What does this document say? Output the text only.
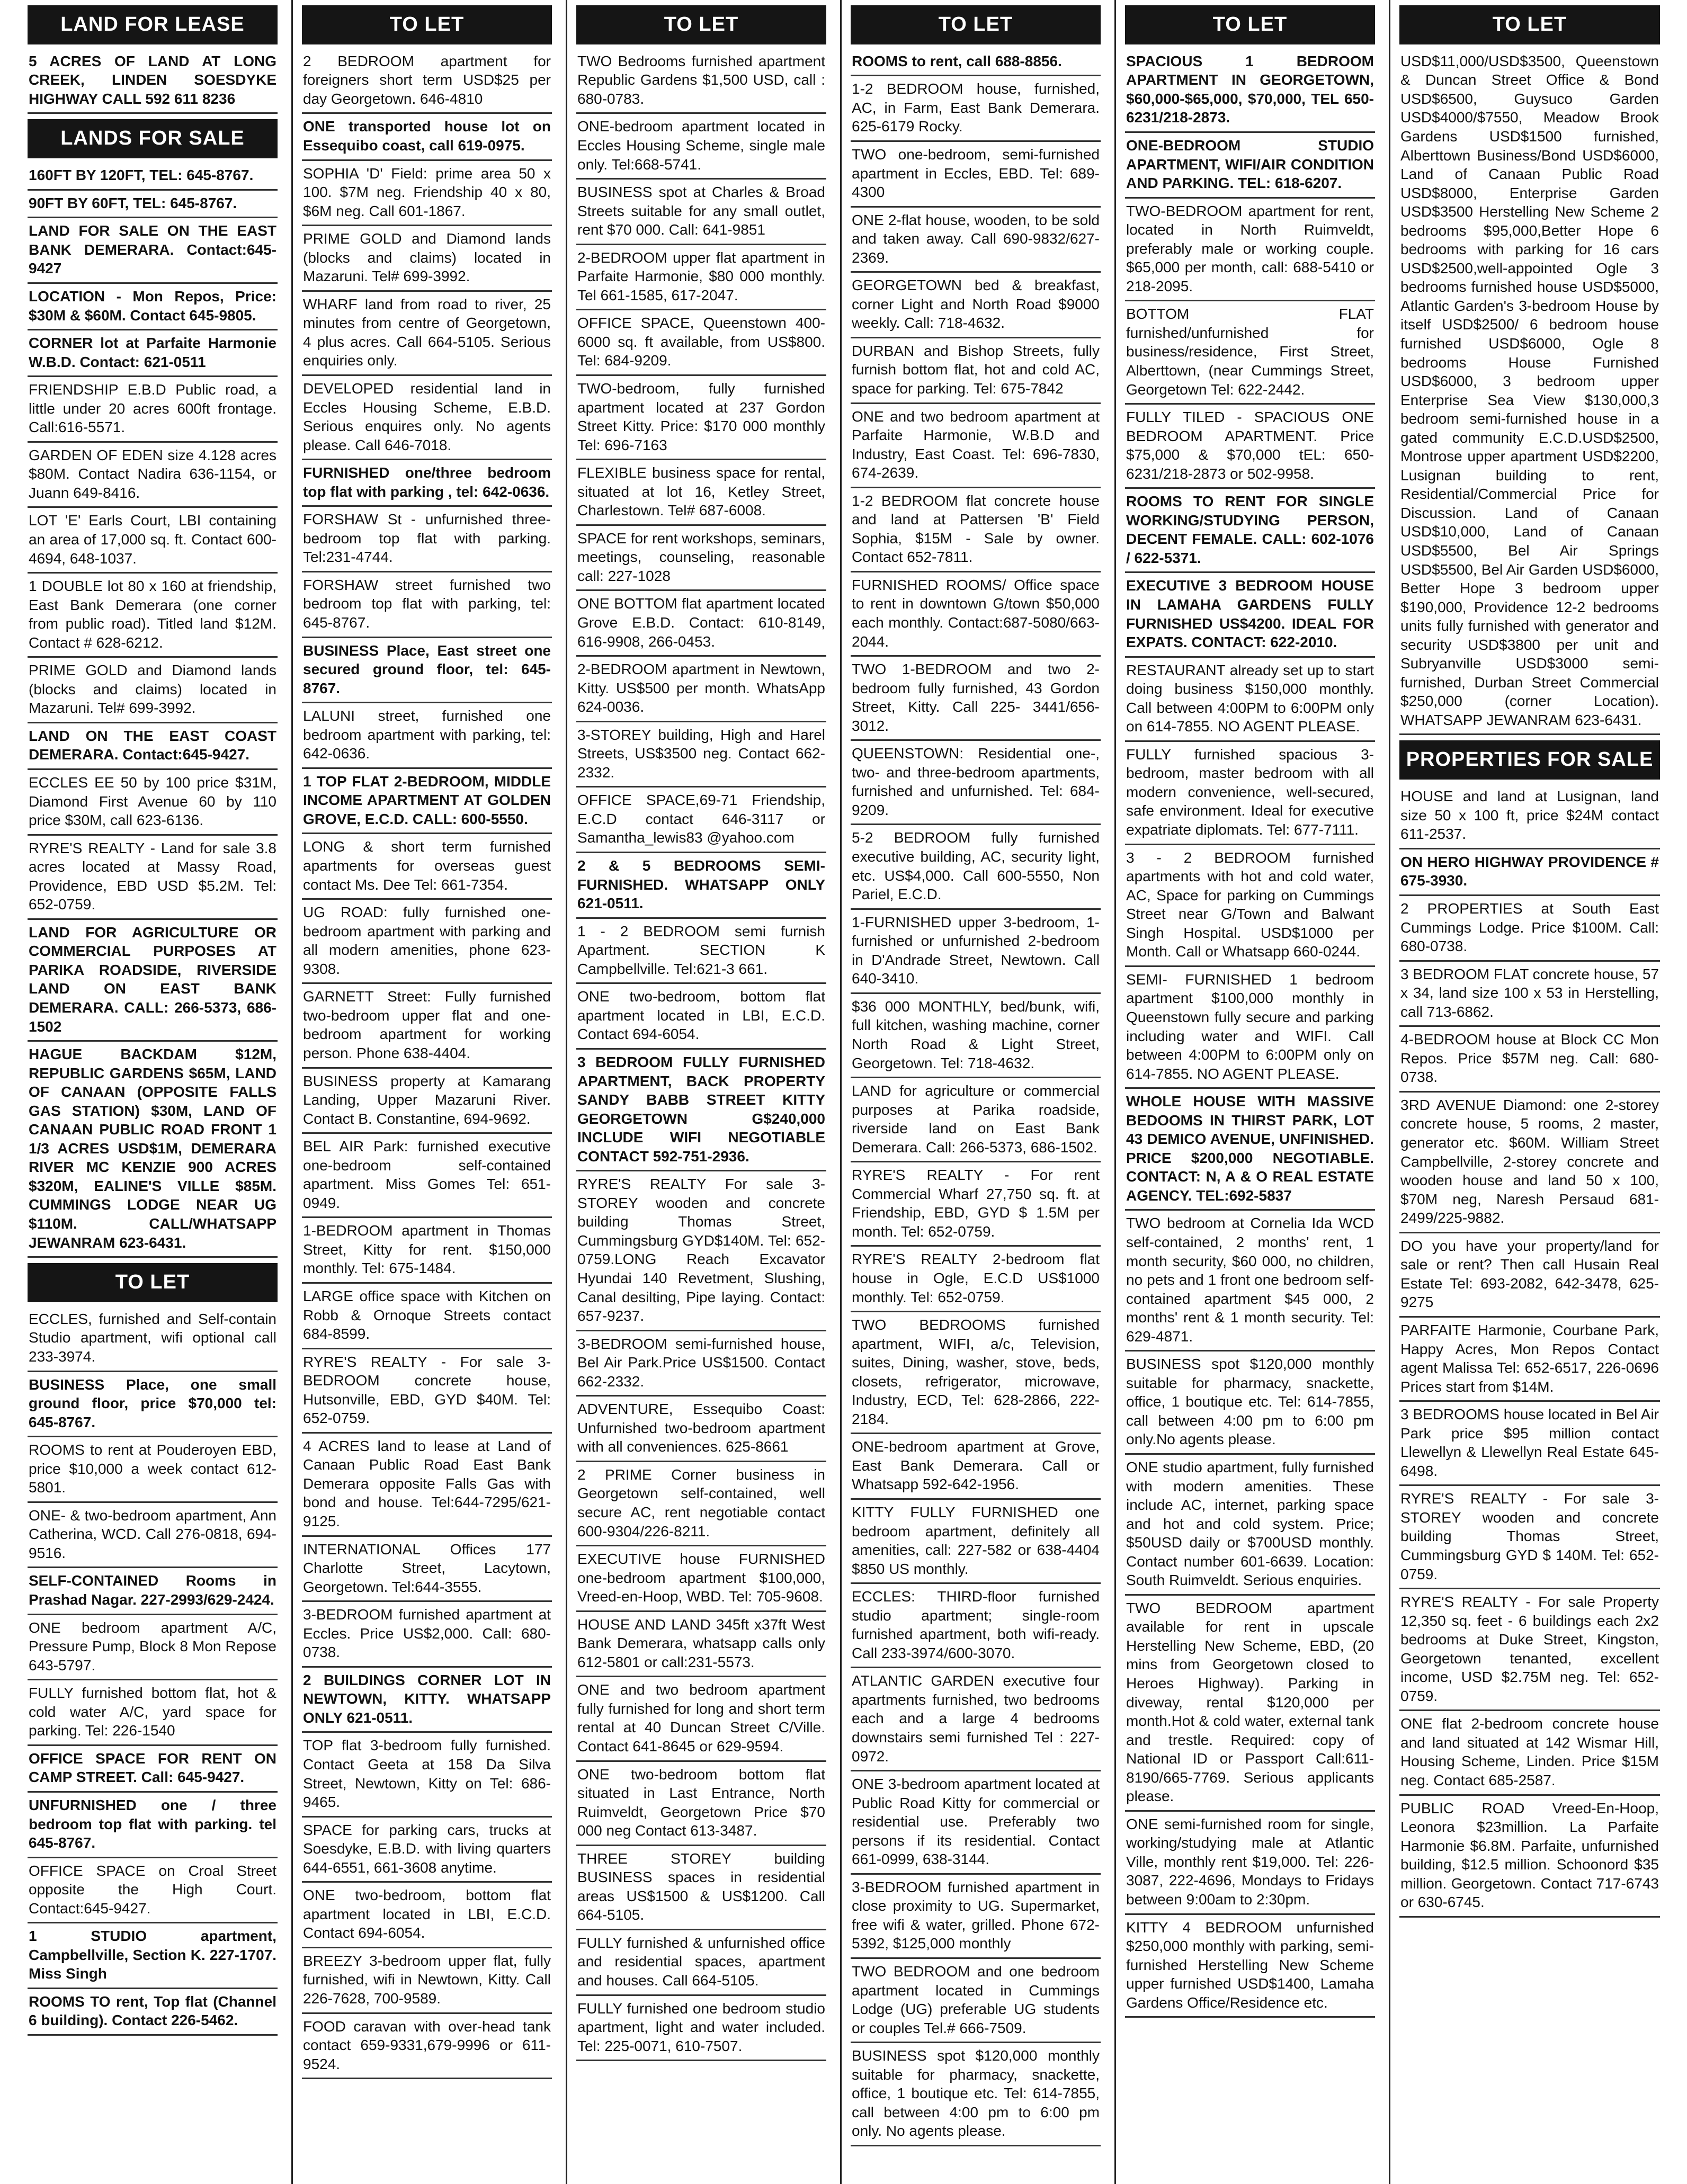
LAND FOR LEASE

5 ACRES OF LAND AT LONG CREEK, LINDEN SOESDYKE HIGHWAY CALL 592 611 8236

LANDS FOR SALE

160FT BY 120FT, TEL: 645-8767.

90FT BY 60FT, TEL: 645-8767.

LAND FOR SALE ON THE EAST BANK DEMERARA. Contact:645-9427

LOCATION - Mon Repos, Price: $30M & $60M. Contact 645-9805.

CORNER lot at Parfaite Harmonie W.B.D. Contact: 621-0511

FRIENDSHIP E.B.D Public road, a little under 20 acres 600ft frontage. Call:616-5571.

GARDEN OF EDEN size 4.128 acres $80M. Contact Nadira 636-1154, or Juann 649-8416.

LOT 'E' Earls Court, LBI containing an area of 17,000 sq. ft. Contact 600-4694, 648-1037.

1 DOUBLE lot 80 x 160 at friendship, East Bank Demerara (one corner from public road). Titled land $12M. Contact # 628-6212.

PRIME GOLD and Diamond lands (blocks and claims) located in Mazaruni. Tel# 699-3992.

LAND ON THE EAST COAST DEMERARA. Contact:645-9427.

ECCLES EE 50 by 100 price $31M, Diamond First Avenue 60 by 110 price $30M, call 623-6136.

RYRE'S REALTY - Land for sale 3.8 acres located at Massy Road, Providence, EBD USD $5.2M. Tel: 652-0759.

LAND FOR AGRICULTURE OR COMMERCIAL PURPOSES AT PARIKA ROADSIDE, RIVERSIDE LAND ON EAST BANK DEMERARA. CALL: 266-5373, 686-1502

HAGUE BACKDAM $12M, REPUBLIC GARDENS $65M, LAND OF CANAAN (OPPOSITE FALLS GAS STATION) $30M, LAND OF CANAAN PUBLIC ROAD FRONT 1 1/3 ACRES USD$1M, DEMERARA RIVER MC KENZIE 900 ACRES $320M, EALINE'S VILLE $85M. CUMMINGS LODGE NEAR UG $110M. CALL/WHATSAPP JEWANRAM 623-6431.

TO LET

ECCLES, furnished and Self-contain Studio apartment, wifi optional call 233-3974.

BUSINESS Place, one small ground floor, price $70,000 tel: 645-8767.

ROOMS to rent at Pouderoyen EBD, price $10,000 a week contact 612-5801.

ONE- & two-bedroom apartment, Ann Catherina, WCD. Call 276-0818, 694-9516.

SELF-CONTAINED Rooms in Prashad Nagar. 227-2993/629-2424.

ONE bedroom apartment A/C, Pressure Pump, Block 8 Mon Repose 643-5797.

FULLY furnished bottom flat, hot & cold water A/C, yard space for parking. Tel: 226-1540

OFFICE SPACE FOR RENT ON CAMP STREET. Call: 645-9427.

UNFURNISHED one / three bedroom top flat with parking. tel 645-8767.

OFFICE SPACE on Croal Street opposite the High Court. Contact:645-9427.

1 STUDIO apartment, Campbellville, Section K. 227-1707. Miss Singh

ROOMS TO rent, Top flat (Channel 6 building). Contact 226-5462.

TO LET

2 BEDROOM apartment for foreigners short term USD$25 per day Georgetown. 646-4810

ONE transported house lot on Essequibo coast, call 619-0975.

SOPHIA 'D' Field: prime area 50 x 100. $7M neg. Friendship 40 x 80, $6M neg. Call 601-1867.

PRIME GOLD and Diamond lands (blocks and claims) located in Mazaruni. Tel# 699-3992.

WHARF land from road to river, 25 minutes from centre of Georgetown, 4 plus acres. Call 664-5105. Serious enquiries only.

DEVELOPED residential land in Eccles Housing Scheme, E.B.D. Serious enquires only. No agents please. Call 646-7018.

FURNISHED one/three bedroom top flat with parking , tel: 642-0636.

FORSHAW St - unfurnished three-bedroom top flat with parking. Tel:231-4744.

FORSHAW street furnished two bedroom top flat with parking, tel: 645-8767.

BUSINESS Place, East street one secured ground floor, tel: 645-8767.

LALUNI street, furnished one bedroom apartment with parking, tel: 642-0636.

1 TOP FLAT 2-BEDROOM, MIDDLE INCOME APARTMENT AT GOLDEN GROVE, E.C.D. CALL: 600-5550.

LONG & short term furnished apartments for overseas guest contact Ms. Dee Tel: 661-7354.

UG ROAD: fully furnished one-bedroom apartment with parking and all modern amenities, phone 623-9308.

GARNETT Street: Fully furnished two-bedroom upper flat and one-bedroom apartment for working person. Phone 638-4404.

BUSINESS property at Kamarang Landing, Upper Mazaruni River. Contact B. Constantine, 694-9692.

BEL AIR Park: furnished executive one-bedroom self-contained apartment. Miss Gomes Tel: 651-0949.

1-BEDROOM apartment in Thomas Street, Kitty for rent. $150,000 monthly. Tel: 675-1484.

LARGE office space with Kitchen on Robb & Ornoque Streets contact 684-8599.

RYRE'S REALTY - For sale 3-BEDROOM concrete house, Hutsonville, EBD, GYD $40M. Tel: 652-0759.

4 ACRES land to lease at Land of Canaan Public Road East Bank Demerara opposite Falls Gas with bond and house. Tel:644-7295/621-9125.

INTERNATIONAL Offices 177 Charlotte Street, Lacytown, Georgetown. Tel:644-3555.

3-BEDROOM furnished apartment at Eccles. Price US$2,000. Call: 680-0738.

2 BUILDINGS CORNER LOT IN NEWTOWN, KITTY. WHATSAPP ONLY 621-0511.

TOP flat 3-bedroom fully furnished. Contact Geeta at 158 Da Silva Street, Newtown, Kitty on Tel: 686-9465.

SPACE for parking cars, trucks at Soesdyke, E.B.D. with living quarters 644-6551, 661-3608 anytime.

ONE two-bedroom, bottom flat apartment located in LBI, E.C.D. Contact 694-6054.

BREEZY 3-bedroom upper flat, fully furnished, wifi in Newtown, Kitty. Call 226-7628, 700-9589.

FOOD caravan with over-head tank contact 659-9331,679-9996 or 611-9524.

TO LET

TWO Bedrooms furnished apartment Republic Gardens $1,500 USD, call : 680-0783.

ONE-bedroom apartment located in Eccles Housing Scheme, single male only. Tel:668-5741.

BUSINESS spot at Charles & Broad Streets suitable for any small outlet, rent $70 000. Call: 641-9851

2-BEDROOM upper flat apartment in Parfaite Harmonie, $80 000 monthly. Tel 661-1585, 617-2047.

OFFICE SPACE, Queenstown 400-6000 sq. ft available, from US$800. Tel: 684-9209.

TWO-bedroom, fully furnished apartment located at 237 Gordon Street Kitty. Price: $170 000 monthly Tel: 696-7163

FLEXIBLE business space for rental, situated at lot 16, Ketley Street, Charlestown. Tel# 687-6008.

SPACE for rent workshops, seminars, meetings, counseling, reasonable call: 227-1028

ONE BOTTOM flat apartment located Grove E.B.D. Contact: 610-8149, 616-9908, 266-0453.

2-BEDROOM apartment in Newtown, Kitty. US$500 per month. WhatsApp 624-0036.

3-STOREY building, High and Harel Streets, US$3500 neg. Contact 662-2332.

OFFICE SPACE,69-71 Friendship, E.C.D contact 646-3117 or Samantha_lewis83 @yahoo.com

2 & 5 BEDROOMS SEMI-FURNISHED. WHATSAPP ONLY 621-0511.

1 - 2 BEDROOM semi furnish Apartment. SECTION K Campbellville. Tel:621-3 661.

ONE two-bedroom, bottom flat apartment located in LBI, E.C.D. Contact 694-6054.

3 BEDROOM FULLY FURNISHED APARTMENT, BACK PROPERTY SANDY BABB STREET KITTY GEORGETOWN G$240,000 INCLUDE WIFI NEGOTIABLE CONTACT 592-751-2936.

RYRE'S REALTY For sale 3-STOREY wooden and concrete building Thomas Street, Cummingsburg GYD$140M. Tel: 652-0759.LONG Reach Excavator Hyundai 140 Revetment, Slushing, Canal desilting, Pipe laying. Contact: 657-9237.

3-BEDROOM semi-furnished house, Bel Air Park.Price US$1500. Contact 662-2332.

ADVENTURE, Essequibo Coast: Unfurnished two-bedroom apartment with all conveniences. 625-8661

2 PRIME Corner business in Georgetown self-contained, well secure AC, rent negotiable contact 600-9304/226-8211.

EXECUTIVE house FURNISHED one-bedroom apartment $100,000, Vreed-en-Hoop, WBD. Tel: 705-9608.

HOUSE AND LAND 345ft x37ft West Bank Demerara, whatsapp calls only 612-5801 or call:231-5573.

ONE and two bedroom apartment fully furnished for long and short term rental at 40 Duncan Street C/Ville. Contact 641-8645 or 629-9594.

ONE two-bedroom bottom flat situated in Last Entrance, North Ruimveldt, Georgetown Price $70 000 neg Contact 613-3487.

THREE STOREY building BUSINESS spaces in residential areas US$1500 & US$1200. Call 664-5105.

FULLY furnished & unfurnished office and residential spaces, apartment and houses. Call 664-5105.

FULLY furnished one bedroom studio apartment, light and water included. Tel: 225-0071, 610-7507.

TO LET

ROOMS to rent, call 688-8856.

1-2 BEDROOM house, furnished, AC, in Farm, East Bank Demerara. 625-6179 Rocky.

TWO one-bedroom, semi-furnished apartment in Eccles, EBD. Tel: 689-4300

ONE 2-flat house, wooden, to be sold and taken away. Call 690-9832/627-2369.

GEORGETOWN bed & breakfast, corner Light and North Road $9000 weekly. Call: 718-4632.

DURBAN and Bishop Streets, fully furnish bottom flat, hot and cold AC, space for parking. Tel: 675-7842

ONE and two bedroom apartment at Parfaite Harmonie, W.B.D and Industry, East Coast. Tel: 696-7830, 674-2639.

1-2 BEDROOM flat concrete house and land at Pattersen 'B' Field Sophia, $15M - Sale by owner. Contact 652-7811.

FURNISHED ROOMS/ Office space to rent in downtown G/town $50,000 each monthly. Contact:687-5080/663-2044.

TWO 1-BEDROOM and two 2-bedroom fully furnished, 43 Gordon Street, Kitty. Call 225- 3441/656-3012.

QUEENSTOWN: Residential one-, two- and three-bedroom apartments, furnished and unfurnished. Tel: 684-9209.

5-2 BEDROOM fully furnished executive building, AC, security light, etc. US$4,000. Call 600-5550, Non Pariel, E.C.D.

1-FURNISHED upper 3-bedroom, 1-furnished or unfurnished 2-bedroom in D'Andrade Street, Newtown. Call 640-3410.

$36 000 MONTHLY, bed/bunk, wifi, full kitchen, washing machine, corner North Road & Light Street, Georgetown. Tel: 718-4632.

LAND for agriculture or commercial purposes at Parika roadside, riverside land on East Bank Demerara. Call: 266-5373, 686-1502.

RYRE'S REALTY - For rent Commercial Wharf 27,750 sq. ft. at Friendship, EBD, GYD $ 1.5M per month. Tel: 652-0759.

RYRE'S REALTY 2-bedroom flat house in Ogle, E.C.D US$1000 monthly. Tel: 652-0759.

TWO BEDROOMS furnished apartment, WIFI, a/c, Television, suites, Dining, washer, stove, beds, closets, refrigerator, microwave, Industry, ECD, Tel: 628-2866, 222-2184.

ONE-bedroom apartment at Grove, East Bank Demerara. Call or Whatsapp 592-642-1956.

KITTY FULLY FURNISHED one bedroom apartment, definitely all amenities, call: 227-582 or 638-4404 $850 US monthly.

ECCLES: THIRD-floor furnished studio apartment; single-room furnished apartment, both wifi-ready. Call 233-3974/600-3070.

ATLANTIC GARDEN executive four apartments furnished, two bedrooms each and a large 4 bedrooms downstairs semi furnished Tel : 227-0972.

ONE 3-bedroom apartment located at Public Road Kitty for commercial or residential use. Preferably two persons if its residential. Contact 661-0999, 638-3144.

3-BEDROOM furnished apartment in close proximity to UG. Supermarket, free wifi & water, grilled. Phone 672-5392, $125,000 monthly

TWO BEDROOM and one bedroom apartment located in Cummings Lodge (UG) preferable UG students or couples Tel.# 666-7509.

BUSINESS spot $120,000 monthly suitable for pharmacy, snackette, office, 1 boutique etc. Tel: 614-7855, call between 4:00 pm to 6:00 pm only. No agents please.

TO LET

SPACIOUS 1 BEDROOM APARTMENT IN GEORGETOWN, $60,000-$65,000, $70,000, TEL 650-6231/218-2873.

ONE-BEDROOM STUDIO APARTMENT, WIFI/AIR CONDITION AND PARKING. TEL: 618-6207.

TWO-BEDROOM apartment for rent, located in North Ruimveldt, preferably male or working couple. $65,000 per month, call: 688-5410 or 218-2095.

BOTTOM FLAT furnished/unfurnished for business/residence, First Street, Alberttown, (near Cummings Street, Georgetown Tel: 622-2442.

FULLY TILED - SPACIOUS ONE BEDROOM APARTMENT. Price $75,000 & $70,000 tEL: 650-6231/218-2873 or 502-9958.

ROOMS TO RENT FOR SINGLE WORKING/STUDYING PERSON, DECENT FEMALE. CALL: 602-1076 / 622-5371.

EXECUTIVE 3 BEDROOM HOUSE IN LAMAHA GARDENS FULLY FURNISHED US$4200. IDEAL FOR EXPATS. CONTACT: 622-2010.

RESTAURANT already set up to start doing business $150,000 monthly. Call between 4:00PM to 6:00PM only on 614-7855. NO AGENT PLEASE.

FULLY furnished spacious 3-bedroom, master bedroom with all modern convenience, well-secured, safe environment. Ideal for executive expatriate diplomats. Tel: 677-7111.

3 - 2 BEDROOM furnished apartments with hot and cold water, AC, Space for parking on Cummings Street near G/Town and Balwant Singh Hospital. USD$1000 per Month. Call or Whatsapp 660-0244.

SEMI- FURNISHED 1 bedroom apartment $100,000 monthly in Queenstown fully secure and parking including water and WIFI. Call between 4:00PM to 6:00PM only on 614-7855. NO AGENT PLEASE.

WHOLE HOUSE WITH MASSIVE BEDOOMS IN THIRST PARK, LOT 43 DEMICO AVENUE, UNFINISHED. PRICE $200,000 NEGOTIABLE. CONTACT: N, A & O REAL ESTATE AGENCY. TEL:692-5837

TWO bedroom at Cornelia Ida WCD self-contained, 2 months' rent, 1 month security, $60 000, no children, no pets and 1 front one bedroom self-contained apartment $45 000, 2 months' rent & 1 month security. Tel: 629-4871.

BUSINESS spot $120,000 monthly suitable for pharmacy, snackette, office, 1 boutique etc. Tel: 614-7855, call between 4:00 pm to 6:00 pm only.No agents please.

ONE studio apartment, fully furnished with modern amenities. These include AC, internet, parking space and hot and cold system. Price; $50USD daily or $700USD monthly. Contact number 601-6639. Location: South Ruimveldt. Serious enquiries.

TWO BEDROOM apartment available for rent in upscale Herstelling New Scheme, EBD, (20 mins from Georgetown closed to Heroes Highway). Parking in diveway, rental $120,000 per month.Hot & cold water, external tank and trestle. Required: copy of National ID or Passport Call:611-8190/665-7769. Serious applicants please.

ONE semi-furnished room for single, working/studying male at Atlantic Ville, monthly rent $19,000. Tel: 226-3087, 222-4696, Mondays to Fridays between 9:00am to 2:30pm.

KITTY 4 BEDROOM unfurnished $250,000 monthly with parking, semi-furnished Herstelling New Scheme upper furnished USD$1400, Lamaha Gardens Office/Residence etc.

TO LET

USD$11,000/USD$3500, Queenstown & Duncan Street Office & Bond USD$6500, Guysuco Garden USD$4000/$7550, Meadow Brook Gardens USD$1500 furnished, Alberttown Business/Bond USD$6000, Land of Canaan Public Road USD$8000, Enterprise Garden USD$3500 Herstelling New Scheme 2 bedrooms $95,000,Better Hope 6 bedrooms with parking for 16 cars USD$2500,well-appointed Ogle 3 bedrooms furnished house USD$5000, Atlantic Garden's 3-bedroom House by itself USD$2500/ 6 bedroom house furnished USD$6000, Ogle 8 bedrooms House Furnished USD$6000, 3 bedroom upper Enterprise Sea View $130,000,3 bedroom semi-furnished house in a gated community E.C.D.USD$2500, Montrose upper apartment USD$2200, Lusignan building to rent, Residential/Commercial Price for Discussion. Land of Canaan USD$10,000, Land of Canaan USD$5500, Bel Air Springs USD$5500, Bel Air Garden USD$6000, Better Hope 3 bedroom upper $190,000, Providence 12-2 bedrooms units fully furnished with generator and security USD$3800 per unit and Subryanville USD$3000 semi-furnished, Durban Street Commercial $250,000 (corner Location). WHATSAPP JEWANRAM 623-6431.

PROPERTIES FOR SALE

HOUSE and land at Lusignan, land size 50 x 100 ft, price $24M contact 611-2537.

ON HERO HIGHWAY PROVIDENCE # 675-3930.

2 PROPERTIES at South East Cummings Lodge. Price $100M. Call: 680-0738.

3 BEDROOM FLAT concrete house, 57 x 34, land size 100 x 53 in Herstelling, call 713-6862.

4-BEDROOM house at Block CC Mon Repos. Price $57M neg. Call: 680-0738.

3RD AVENUE Diamond: one 2-storey concrete house, 5 rooms, 2 master, generator etc. $60M. William Street Campbellville, 2-storey concrete and wooden house and land 50 x 100, $70M neg, Naresh Persaud 681-2499/225-9882.

DO you have your property/land for sale or rent? Then call Husain Real Estate Tel: 693-2082, 642-3478, 625-9275

PARFAITE Harmonie, Courbane Park, Happy Acres, Mon Repos Contact agent Malissa Tel: 652-6517, 226-0696 Prices start from $14M.

3 BEDROOMS house located in Bel Air Park price $95 million contact Llewellyn & Llewellyn Real Estate 645-6498.

RYRE'S REALTY - For sale 3-STOREY wooden and concrete building Thomas Street, Cummingsburg GYD $ 140M. Tel: 652-0759.

RYRE'S REALTY - For sale Property 12,350 sq. feet - 6 buildings each 2x2 bedrooms at Duke Street, Kingston, Georgetown tenanted, excellent income, USD $2.75M neg. Tel: 652-0759.

ONE flat 2-bedroom concrete house and land situated at 142 Wismar Hill, Housing Scheme, Linden. Price $15M neg. Contact 685-2587.

PUBLIC ROAD Vreed-En-Hoop, Leonora $23million. La Parfaite Harmonie $6.8M. Parfaite, unfurnished building, $12.5 million. Schoonord $35 million. Georgetown. Contact 717-6743 or 630-6745.
